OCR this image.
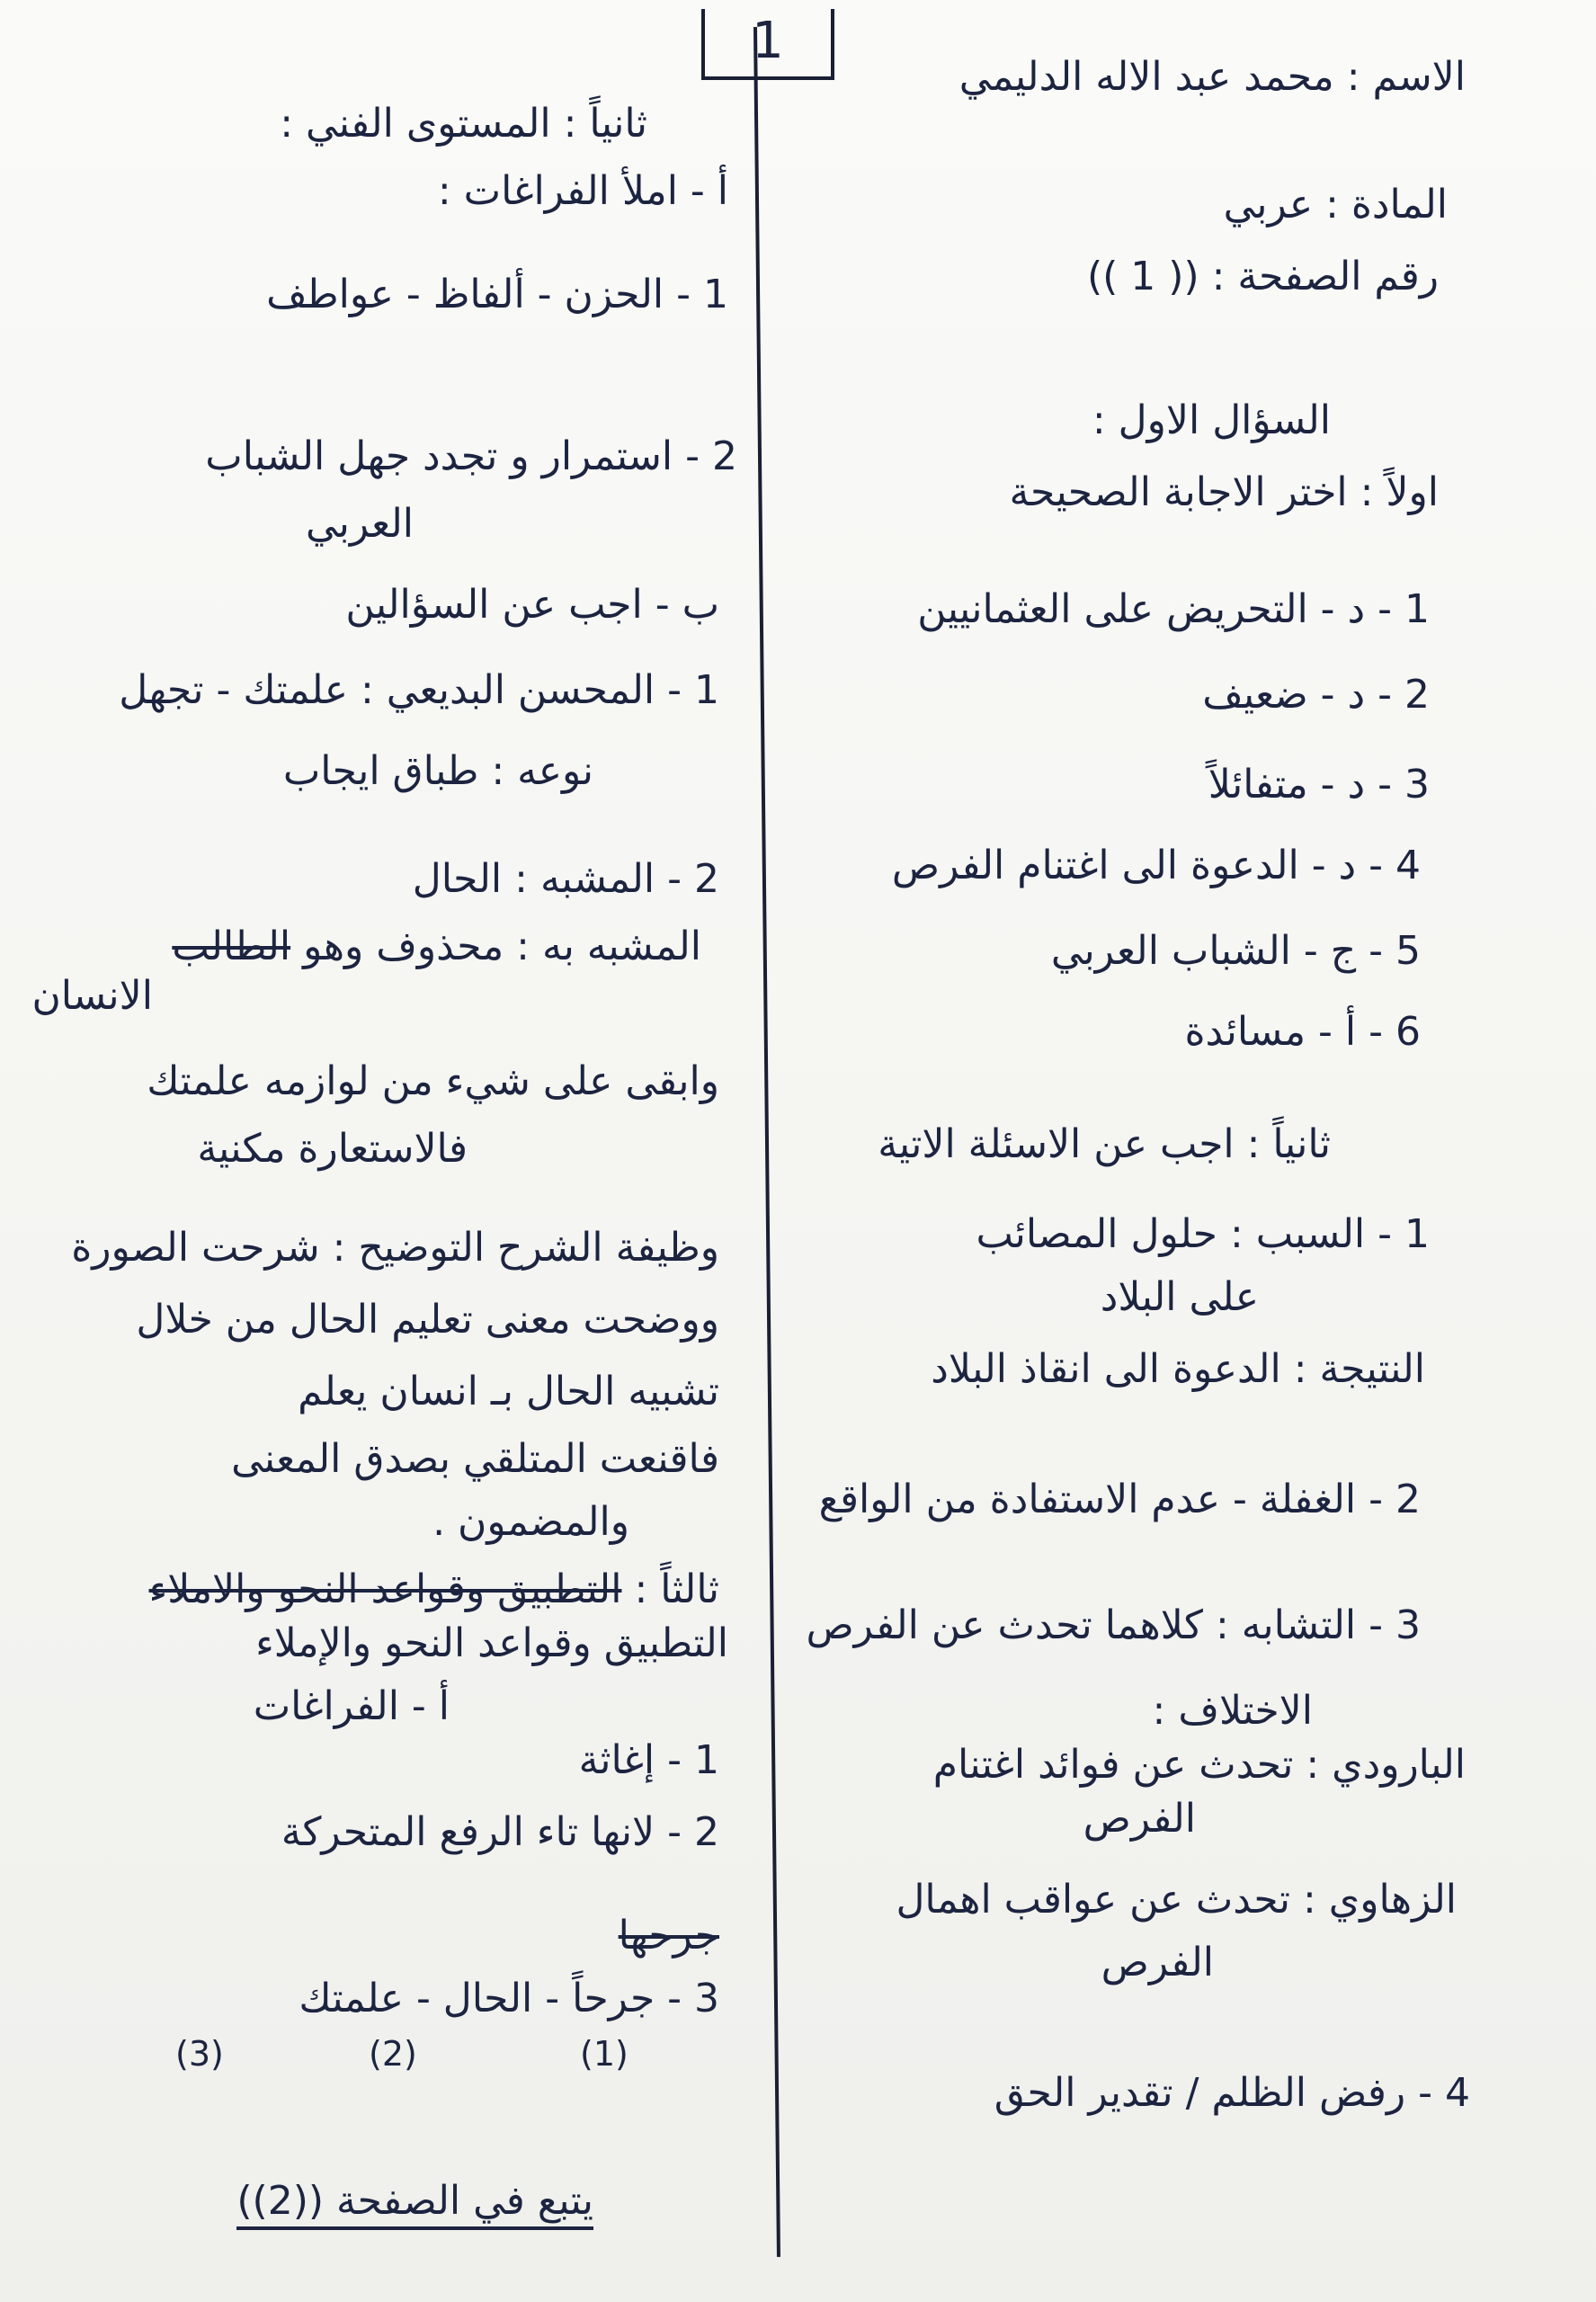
1
الاسم : محمد عبد الاله الدليمي
المادة : عربي
رقم الصفحة : (( 1 ))
السؤال الاول :
اولاً : اختر الاجابة الصحيحة
1 - د - التحريض على العثمانيين
2 - د - ضعيف
3 - د - متفائلاً
4 - د - الدعوة الى اغتنام الفرص
5 - ج - الشباب العربي
6 - أ - مسائدة
ثانياً : اجب عن الاسئلة الاتية
1 - السبب : حلول المصائب
على البلاد
النتيجة : الدعوة الى انقاذ البلاد
2 - الغفلة - عدم الاستفادة من الواقع
3 - التشابه : كلاهما تحدث عن الفرص
الاختلاف :
البارودي : تحدث عن فوائد اغتنام
الفرص
الزهاوي : تحدث عن عواقب اهمال
الفرص
4 - رفض الظلم / تقدير الحق
ثانياً : المستوى الفني :
أ - املأ الفراغات :
1 - الحزن - ألفاظ - عواطف
2 - استمرار و تجدد جهل الشباب
العربي
ب - اجب عن السؤالين
1 - المحسن البديعي : علمتك - تجهل
نوعه : طباق ايجاب
2 - المشبه : الحال
المشبه به : محذوف وهو الطالب
الانسان
وابقى على شيء من لوازمه علمتك
فالاستعارة مكنية
وظيفة الشرح التوضيح : شرحت الصورة
ووضحت معنى تعليم الحال من خلال
تشبيه الحال بـ انسان يعلم
فاقنعت المتلقي بصدق المعنى
والمضمون .
ثالثاً : التطبيق وقواعد النحو والاملاء
التطبيق وقواعد النحو والإملاء
أ - الفراغات
1 - إغاثة
2 - لانها تاء الرفع المتحركة
جرحها
3 - جرحاً - الحال - علمتك
(3)	(2)	(1)
يتبع في الصفحة ((2))
